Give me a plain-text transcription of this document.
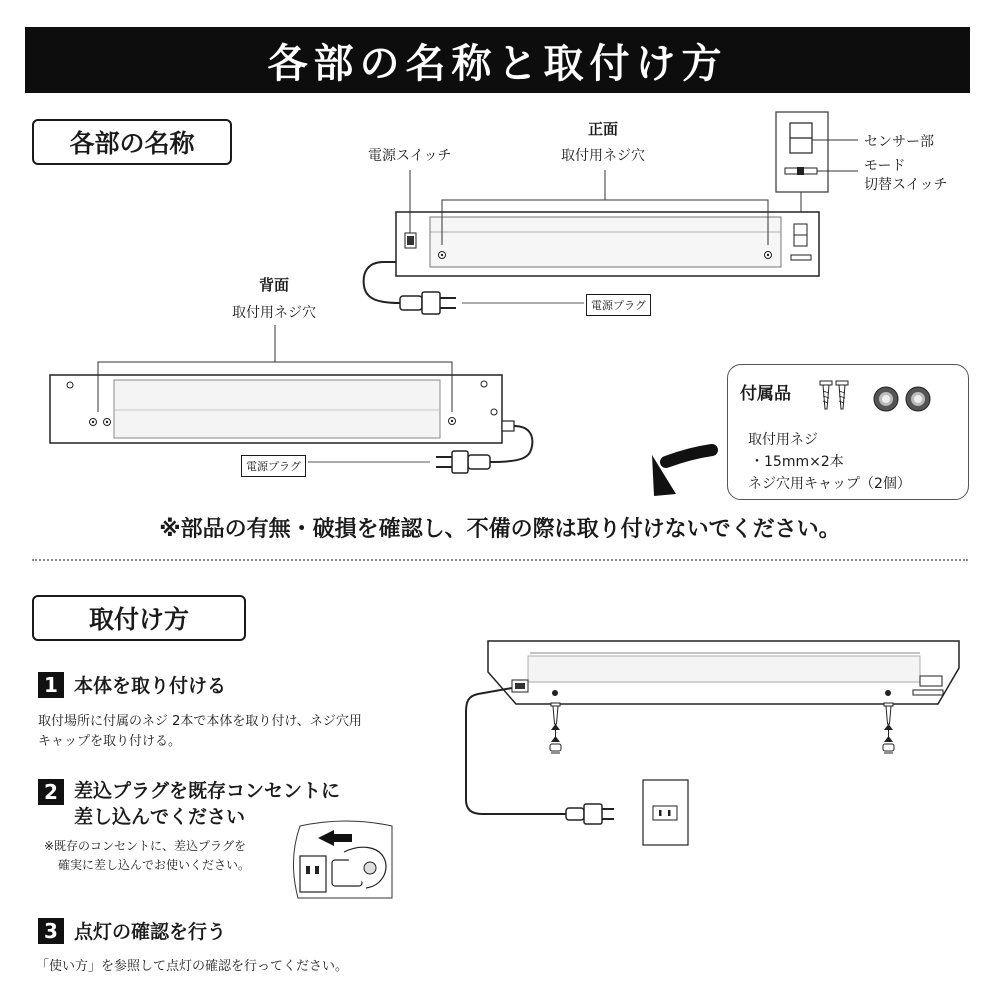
各部の名称と取付け方
各部の名称	正面
取付用ネジ穴
電源スイッチ
センサー部
モード
切替スイッチ
電源プラグ
背面
取付用ネジ穴
電源プラグ
付属品
取付用ネジ
・15mm×2本
ネジ穴用キャップ（2個）
※部品の有無・破損を確認し、不備の際は取り付けないでください。
取付け方
1 本体を取り付ける
取付場所に付属のネジ 2本で本体を取り付け、ネジ穴用
キャップを取り付ける。
2 差込プラグを既存コンセントに
差し込んでください
※既存のコンセントに、差込プラグを
確実に差し込んでお使いください。
3 点灯の確認を行う
「使い方」を参照して点灯の確認を行ってください。
